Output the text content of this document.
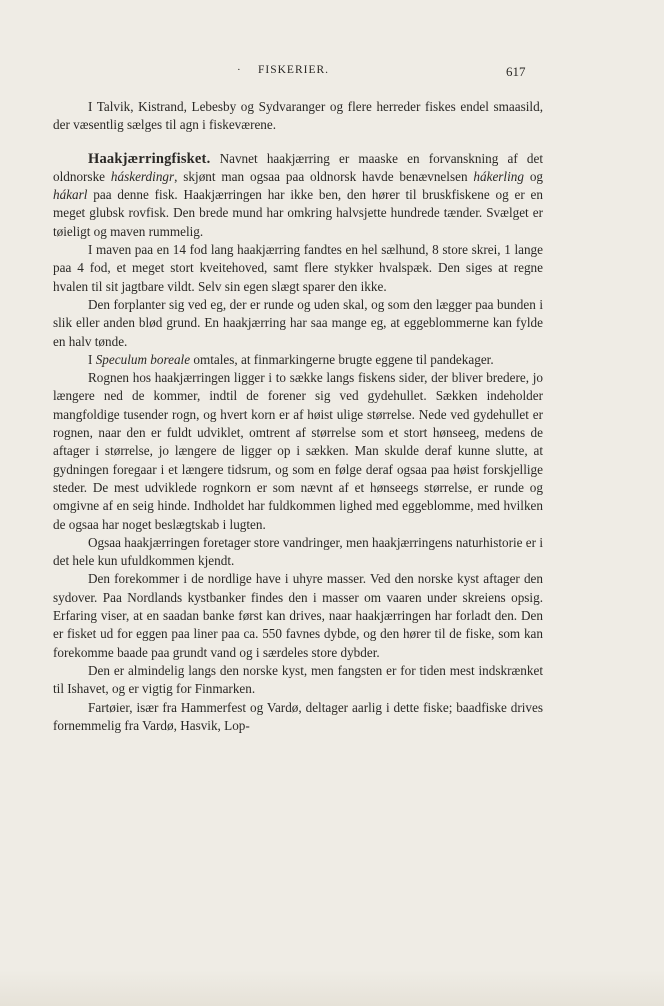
· FISKERIER.	617

I Talvik, Kistrand, Lebesby og Sydvaranger og flere herreder fiskes endel smaasild, der væsentlig sælges til agn i fiskeværene.

Haakjærringfisket. Navnet haakjærring er maaske en forvanskning af det oldnorske háskerdingr, skjønt man ogsaa paa oldnorsk havde benævnelsen hákerling og hákarl paa denne fisk. Haakjærringen har ikke ben, den hører til bruskfiskene og er en meget glubsk rovfisk. Den brede mund har omkring halvsjette hundrede tænder. Svælget er tøieligt og maven rummelig.

I maven paa en 14 fod lang haakjærring fandtes en hel sælhund, 8 store skrei, 1 lange paa 4 fod, et meget stort kveitehoved, samt flere stykker hvalspæk. Den siges at regne hvalen til sit jagtbare vildt. Selv sin egen slægt sparer den ikke.

Den forplanter sig ved eg, der er runde og uden skal, og som den lægger paa bunden i slik eller anden blød grund. En haakjærring har saa mange eg, at eggeblommerne kan fylde en halv tønde.

I Speculum boreale omtales, at finmarkingerne brugte eggene til pandekager.

Rognen hos haakjærringen ligger i to sække langs fiskens sider, der bliver bredere, jo længere ned de kommer, indtil de forener sig ved gydehullet. Sækken indeholder mangfoldige tusender rogn, og hvert korn er af høist ulige størrelse. Nede ved gydehullet er rognen, naar den er fuldt udviklet, omtrent af størrelse som et stort hønseeg, medens de aftager i størrelse, jo længere de ligger op i sækken. Man skulde deraf kunne slutte, at gydningen foregaar i et længere tidsrum, og som en følge deraf ogsaa paa høist forskjellige steder. De mest udviklede rognkorn er som nævnt af et hønseegs størrelse, er runde og omgivne af en seig hinde. Indholdet har fuldkommen lighed med eggeblomme, med hvilken de ogsaa har noget beslægtskab i lugten.

Ogsaa haakjærringen foretager store vandringer, men haakjærringens naturhistorie er i det hele kun ufuldkommen kjendt.

Den forekommer i de nordlige have i uhyre masser. Ved den norske kyst aftager den sydover. Paa Nordlands kystbanker findes den i masser om vaaren under skreiens opsig. Erfaring viser, at en saadan banke først kan drives, naar haakjærringen har forladt den. Den er fisket ud for eggen paa liner paa ca. 550 favnes dybde, og den hører til de fiske, som kan forekomme baade paa grundt vand og i særdeles store dybder.

Den er almindelig langs den norske kyst, men fangsten er for tiden mest indskrænket til Ishavet, og er vigtig for Finmarken.

Fartøier, især fra Hammerfest og Vardø, deltager aarlig i dette fiske; baadfiske drives fornemmelig fra Vardø, Hasvik, Lop-
